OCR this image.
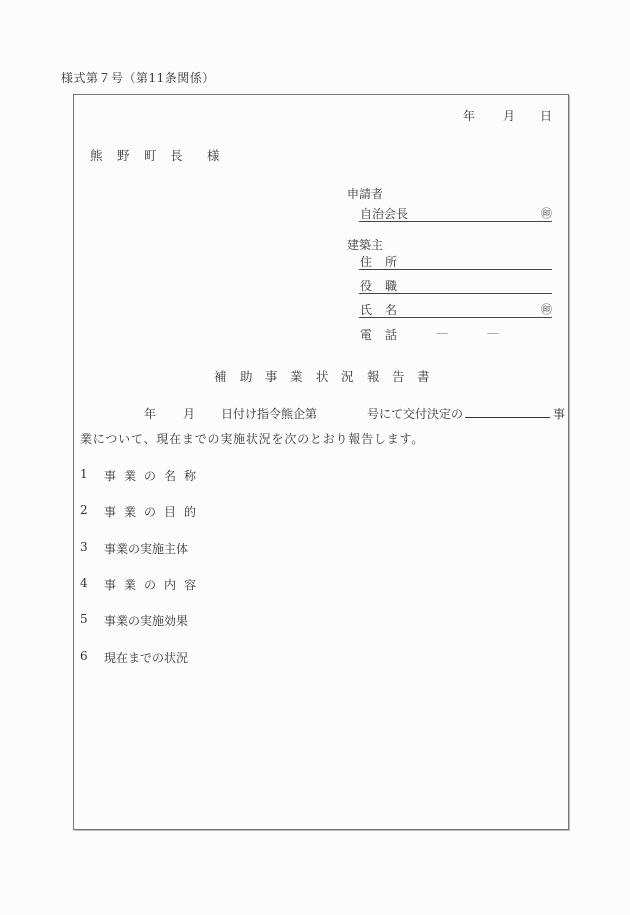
様式第７号（第11条関係）
年 月 日
熊 野 町 長 様
申請者
自治会長	㊞
建築主
住 所
役 職
氏 名	㊞
電 話	—	—
補 助 事 業 状 況 報 告 書
年 月 日付け指令熊企第	号にて交付決定の	事
業について、現在までの実施状況を次のとおり報告します。
1 事 業 の 名 称
2 事 業 の 目 的
3 事業の実施主体
4 事 業 の 内 容
5 事業の実施効果
6 現在までの状況
